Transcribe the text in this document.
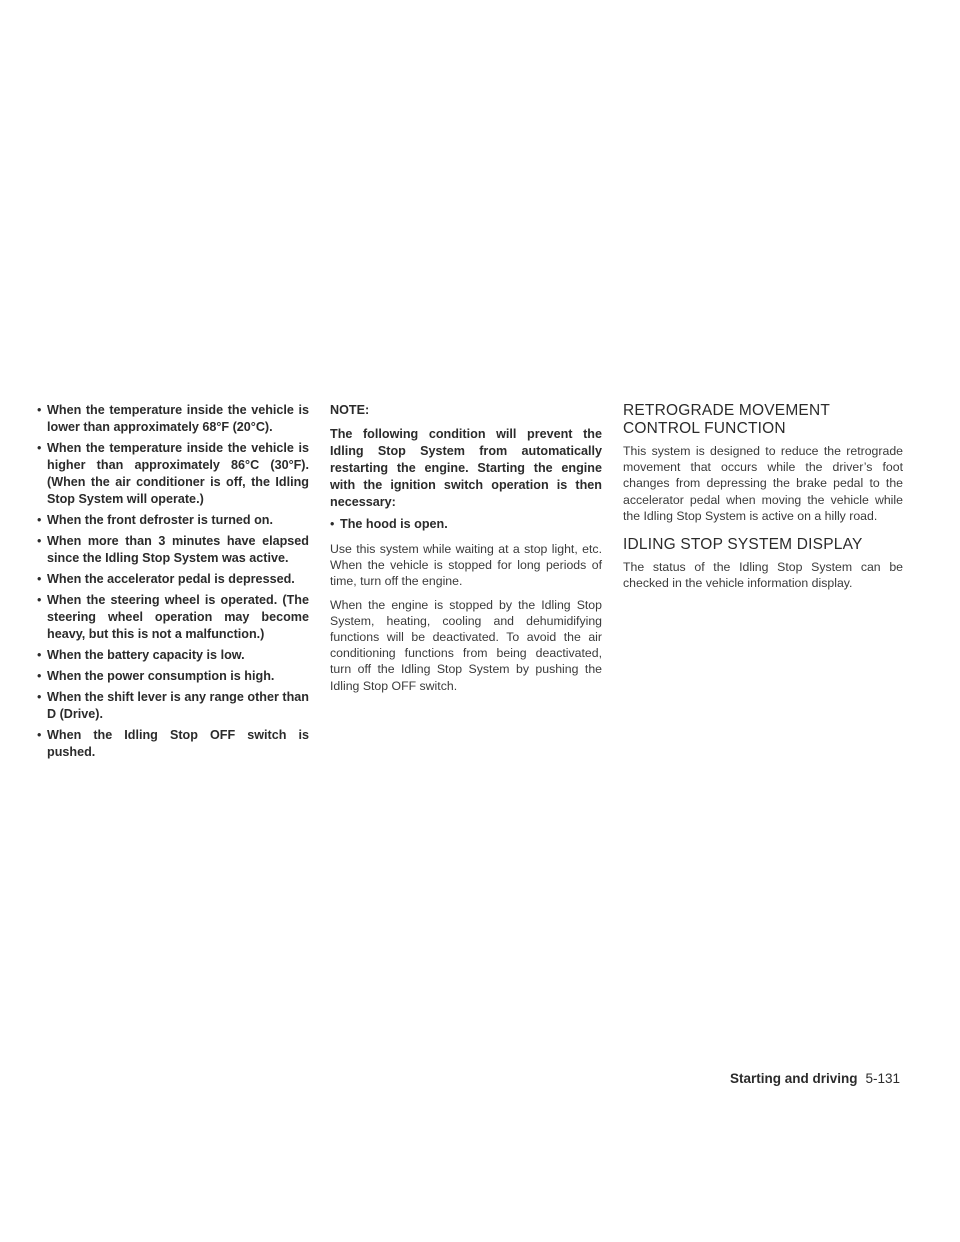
• When the temperature inside the vehicle is lower than approximately 68°F (20°C).
• When the temperature inside the vehicle is higher than approximately 86°C (30°F). (When the air conditioner is off, the Idling Stop System will operate.)
• When the front defroster is turned on.
• When more than 3 minutes have elapsed since the Idling Stop System was active.
• When the accelerator pedal is depressed.
• When the steering wheel is operated. (The steering wheel operation may become heavy, but this is not a malfunction.)
• When the battery capacity is low.
• When the power consumption is high.
• When the shift lever is any range other than D (Drive).
• When the Idling Stop OFF switch is pushed.

NOTE:

The following condition will prevent the Idling Stop System from automatically restarting the engine. Starting the engine with the ignition switch operation is then necessary:

• The hood is open.

Use this system while waiting at a stop light, etc. When the vehicle is stopped for long periods of time, turn off the engine.

When the engine is stopped by the Idling Stop System, heating, cooling and dehumidifying functions will be deactivated. To avoid the air conditioning functions from being deactivated, turn off the Idling Stop System by pushing the Idling Stop OFF switch.

RETROGRADE MOVEMENT
CONTROL FUNCTION

This system is designed to reduce the retrograde movement that occurs while the driver’s foot changes from depressing the brake pedal to the accelerator pedal when moving the vehicle while the Idling Stop System is active on a hilly road.

IDLING STOP SYSTEM DISPLAY

The status of the Idling Stop System can be checked in the vehicle information display.

Starting and driving 5-131
